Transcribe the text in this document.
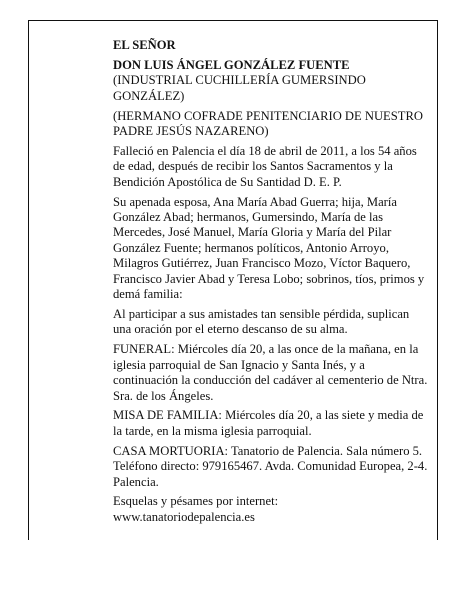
EL SEÑOR

DON LUIS ÁNGEL GONZÁLEZ FUENTE

(INDUSTRIAL CUCHILLERÍA GUMERSINDO GONZÁLEZ)

(HERMANO COFRADE PENITENCIARIO DE NUESTRO PADRE JESÚS NAZARENO)

Falleció en Palencia el día 18 de abril de 2011, a los 54 años de edad, después de recibir los Santos Sacramentos y la Bendición Apostólica de Su Santidad D. E. P.

Su apenada esposa, Ana María Abad Guerra; hija, María González Abad; hermanos, Gumersindo, María de las Mercedes, José Manuel, María Gloria y María del Pilar González Fuente; hermanos políticos, Antonio Arroyo, Milagros Gutiérrez, Juan Francisco Mozo, Víctor Baquero, Francisco Javier Abad y Teresa Lobo; sobrinos, tíos, primos y demá familia:

Al participar a sus amistades tan sensible pérdida, suplican una oración por el eterno descanso de su alma.

FUNERAL: Miércoles día 20, a las once de la mañana, en la iglesia parroquial de San Ignacio y Santa Inés, y a continuación la conducción del cadáver al cementerio de Ntra. Sra. de los Ángeles.

MISA DE FAMILIA: Miércoles día 20, a las siete y media de la tarde, en la misma iglesia parroquial.

CASA MORTUORIA: Tanatorio de Palencia. Sala número 5. Teléfono directo: 979165467. Avda. Comunidad Europea, 2-4. Palencia.

Esquelas y pésames por internet:

www.tanatoriodepalencia.es
